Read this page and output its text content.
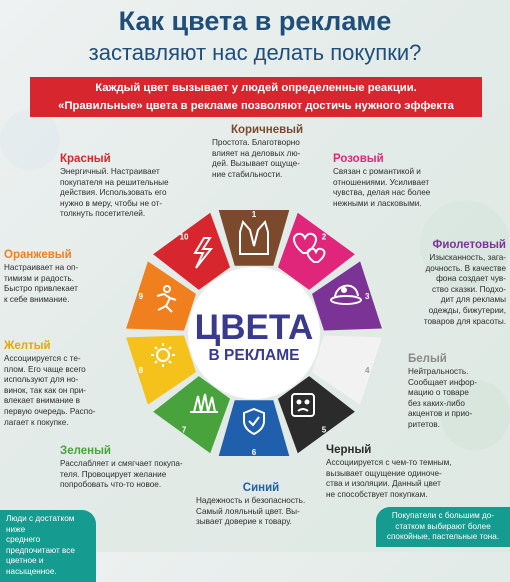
Как цвета в рекламе
заставляют нас делать покупки?
Каждый цвет вызывает у людей определенные реакции.
«Правильные» цвета в рекламе позволяют достичь нужного эффекта
ЦВЕТА
В РЕКЛАМЕ
1
2
3
4
5
6
7
8
9
10
Коричневый
Простота. Благотворно
влияет на деловых лю-
дей. Вызывает ощуще-
ние стабильности.
Розовый
Связан с романтикой и
отношениями. Усиливает
чувства, делая нас более
нежными и ласковыми.
Фиолетовый
Изысканность, зага-
дочность. В качестве
фона создает чув-
ство сказки. Подхо-
дит для рекламы
одежды, бижутерии,
товаров для красоты.
Белый
Нейтральность.
Сообщает инфор-
мацию о товаре
без каких-либо
акцентов и прио-
ритетов.
Черный
Ассоциируется с чем-то темным,
вызывает ощущение одиноче-
ства и изоляции. Данный цвет
не способствует покупкам.
Синий
Надежность и безопасность.
Самый лояльный цвет. Вы-
зывает доверие к товару.
Зеленый
Расслабляет и смягчает покупа-
теля. Провоцирует желание
попробовать что-то новое.
Желтый
Ассоциируется с те-
плом. Его чаще всего
используют для но-
винок, так как он при-
влекает внимание в
первую очередь. Распо-
лагает к покупке.
Оранжевый
Настраивает на оп-
тимизм и радость.
Быстро привлекает
к себе внимание.
Красный
Энергичный. Настраивает
покупателя на решительные
действия. Использовать его
нужно в меру, чтобы не от-
толкнуть посетителей.
Люди с достатком ниже
среднего предпочитают все
цветное и насыщенное.
Покупатели с большим до-
статком выбирают более
спокойные, пастельные тона.
